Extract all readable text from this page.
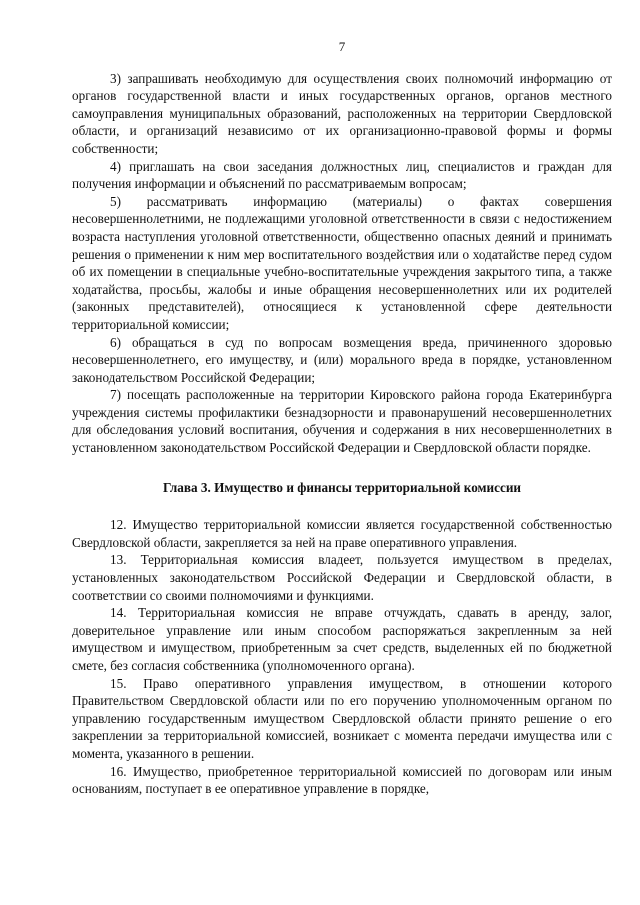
7

3) запрашивать необходимую для осуществления своих полномочий информацию от органов государственной власти и иных государственных органов, органов местного самоуправления муниципальных образований, расположенных на территории Свердловской области, и организаций независимо от их организационно-правовой формы и формы собственности;

4) приглашать на свои заседания должностных лиц, специалистов и граждан для получения информации и объяснений по рассматриваемым вопросам;

5) рассматривать информацию (материалы) о фактах совершения несовершеннолетними, не подлежащими уголовной ответственности в связи с недостижением возраста наступления уголовной ответственности, общественно опасных деяний и принимать решения о применении к ним мер воспитательного воздействия или о ходатайстве перед судом об их помещении в специальные учебно-воспитательные учреждения закрытого типа, а также ходатайства, просьбы, жалобы и иные обращения несовершеннолетних или их родителей (законных представителей), относящиеся к установленной сфере деятельности территориальной комиссии;

6) обращаться в суд по вопросам возмещения вреда, причиненного здоровью несовершеннолетнего, его имуществу, и (или) морального вреда в порядке, установленном законодательством Российской Федерации;

7) посещать расположенные на территории Кировского района города Екатеринбурга учреждения системы профилактики безнадзорности и правонарушений несовершеннолетних для обследования условий воспитания, обучения и содержания в них несовершеннолетних в установленном законодательством Российской Федерации и Свердловской области порядке.

Глава 3. Имущество и финансы территориальной комиссии

12. Имущество территориальной комиссии является государственной собственностью Свердловской области, закрепляется за ней на праве оперативного управления.

13. Территориальная комиссия владеет, пользуется имуществом в пределах, установленных законодательством Российской Федерации и Свердловской области, в соответствии со своими полномочиями и функциями.

14. Территориальная комиссия не вправе отчуждать, сдавать в аренду, залог, доверительное управление или иным способом распоряжаться закрепленным за ней имуществом и имуществом, приобретенным за счет средств, выделенных ей по бюджетной смете, без согласия собственника (уполномоченного органа).

15. Право оперативного управления имуществом, в отношении которого Правительством Свердловской области или по его поручению уполномоченным органом по управлению государственным имуществом Свердловской области принято решение о его закреплении за территориальной комиссией, возникает с момента передачи имущества или с момента, указанного в решении.

16. Имущество, приобретенное территориальной комиссией по договорам или иным основаниям, поступает в ее оперативное управление в порядке,
